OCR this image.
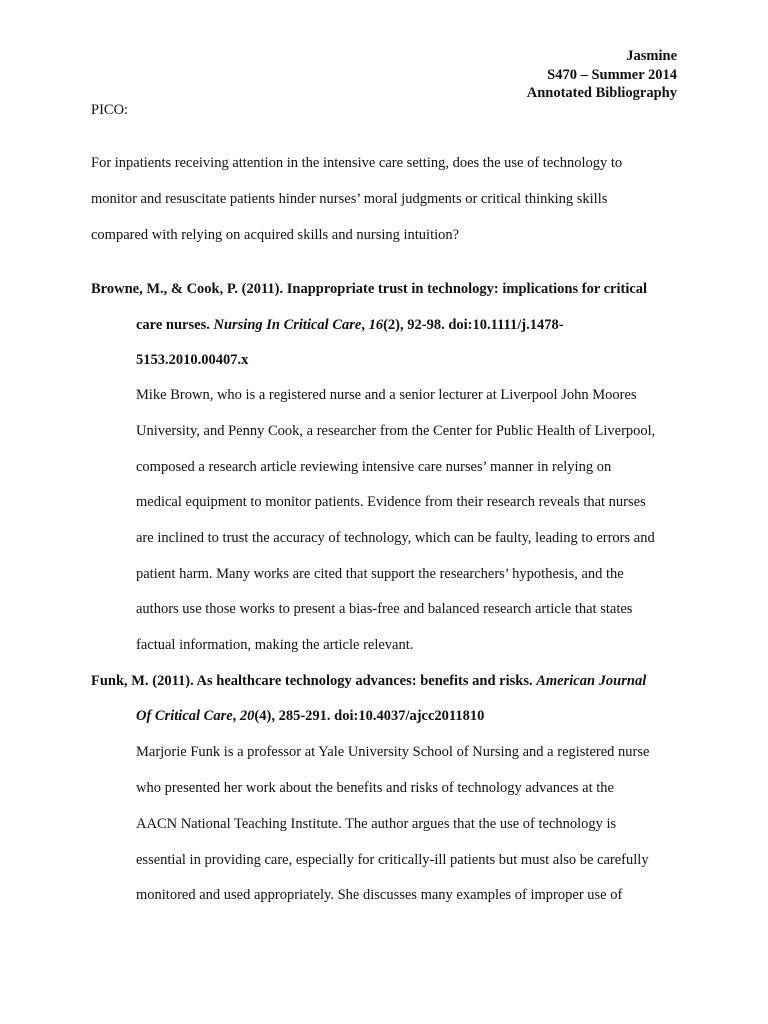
Jasmine
S470 – Summer 2014
Annotated Bibliography
PICO:
For inpatients receiving attention in the intensive care setting, does the use of technology to
monitor and resuscitate patients hinder nurses’ moral judgments or critical thinking skills
compared with relying on acquired skills and nursing intuition?
Browne, M., & Cook, P. (2011). Inappropriate trust in technology: implications for critical
care nurses. Nursing In Critical Care, 16(2), 92-98. doi:10.1111/j.1478-
5153.2010.00407.x
Mike Brown, who is a registered nurse and a senior lecturer at Liverpool John Moores
University, and Penny Cook, a researcher from the Center for Public Health of Liverpool,
composed a research article reviewing intensive care nurses’ manner in relying on
medical equipment to monitor patients. Evidence from their research reveals that nurses
are inclined to trust the accuracy of technology, which can be faulty, leading to errors and
patient harm. Many works are cited that support the researchers’ hypothesis, and the
authors use those works to present a bias-free and balanced research article that states
factual information, making the article relevant.
Funk, M. (2011). As healthcare technology advances: benefits and risks. American Journal
Of Critical Care, 20(4), 285-291. doi:10.4037/ajcc2011810
Marjorie Funk is a professor at Yale University School of Nursing and a registered nurse
who presented her work about the benefits and risks of technology advances at the
AACN National Teaching Institute. The author argues that the use of technology is
essential in providing care, especially for critically-ill patients but must also be carefully
monitored and used appropriately. She discusses many examples of improper use of
